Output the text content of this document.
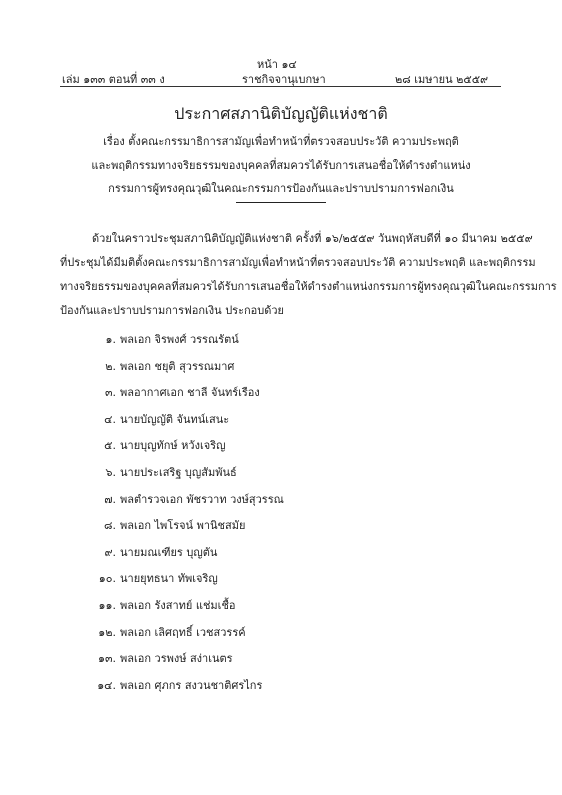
หน้า ๑๔
เล่ม ๑๓๓ ตอนที่ ๓๓ ง	ราชกิจจานุเบกษา	๒๘ เมษายน ๒๕๕๙
ประกาศสภานิติบัญญัติแห่งชาติ
เรื่อง ตั้งคณะกรรมาธิการสามัญเพื่อทำหน้าที่ตรวจสอบประวัติ ความประพฤติ
และพฤติกรรมทางจริยธรรมของบุคคลที่สมควรได้รับการเสนอชื่อให้ดำรงตำแหน่ง
กรรมการผู้ทรงคุณวุฒิในคณะกรรมการป้องกันและปราบปรามการฟอกเงิน
ด้วยในคราวประชุมสภานิติบัญญัติแห่งชาติ ครั้งที่ ๑๖/๒๕๕๙ วันพฤหัสบดีที่ ๑๐ มีนาคม ๒๕๕๙
ที่ประชุมได้มีมติตั้งคณะกรรมาธิการสามัญเพื่อทำหน้าที่ตรวจสอบประวัติ ความประพฤติ และพฤติกรรม
ทางจริยธรรมของบุคคลที่สมควรได้รับการเสนอชื่อให้ดำรงตำแหน่งกรรมการผู้ทรงคุณวุฒิในคณะกรรมการ
ป้องกันและปราบปรามการฟอกเงิน ประกอบด้วย
๑. พลเอก จิรพงศ์ วรรณรัตน์
๒. พลเอก ชยุติ สุวรรณมาศ
๓. พลอากาศเอก ชาลี จันทร์เรือง
๔. นายบัญญัติ จันทน์เสนะ
๕. นายบุญทักษ์ หวังเจริญ
๖. นายประเสริฐ บุญสัมพันธ์
๗. พลตำรวจเอก พัชรวาท วงษ์สุวรรณ
๘. พลเอก ไพโรจน์ พานิชสมัย
๙. นายมณเฑียร บุญตัน
๑๐. นายยุทธนา ทัพเจริญ
๑๑. พลเอก รังสาทย์ แช่มเชื้อ
๑๒. พลเอก เลิศฤทธิ์ เวชสวรรค์
๑๓. พลเอก วรพงษ์ สง่าเนตร
๑๔. พลเอก ศุภกร สงวนชาติศรไกร
